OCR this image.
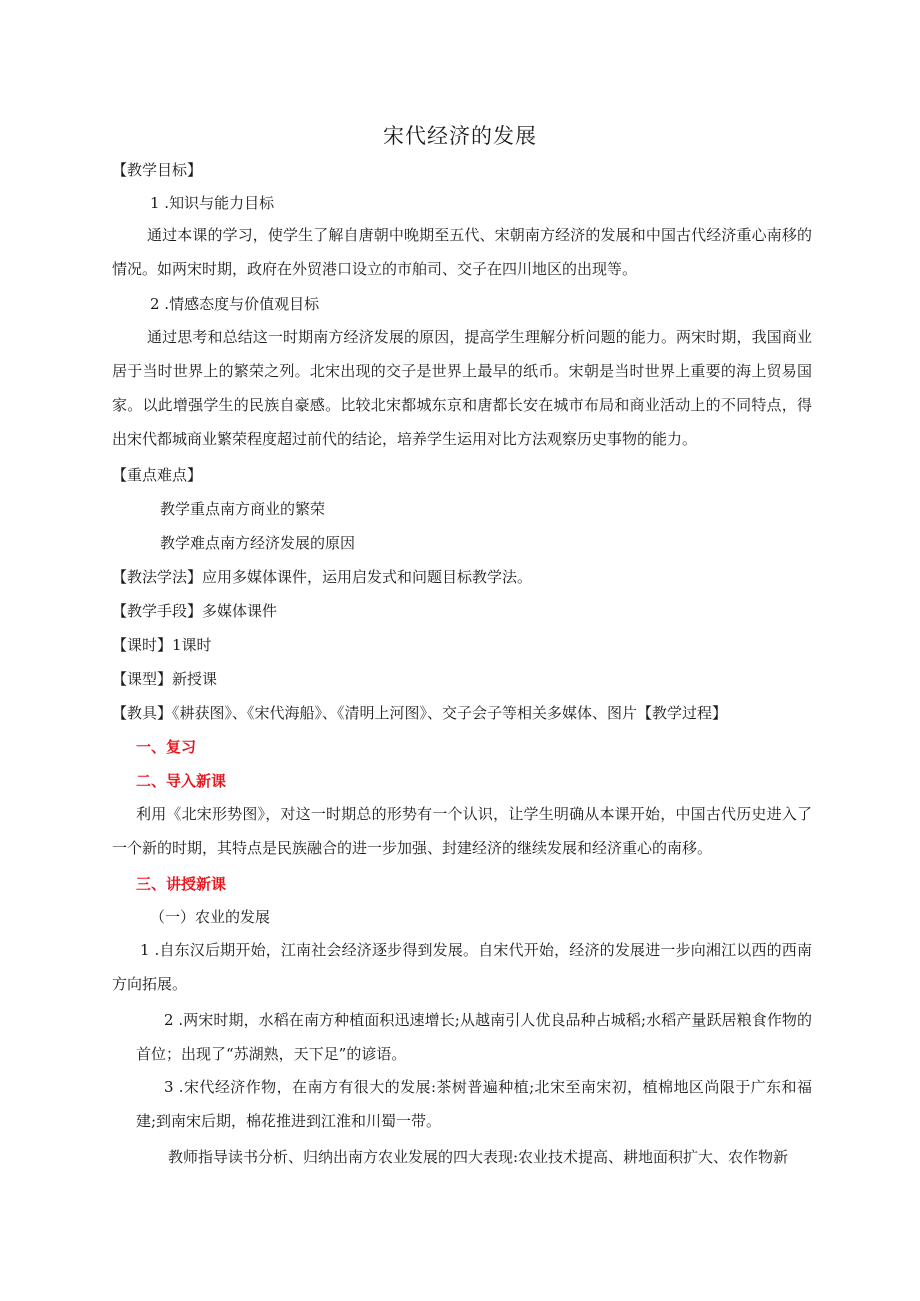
宋代经济的发展
【教学目标】
1 .知识与能力目标
通过本课的学习，使学生了解自唐朝中晚期至五代、宋朝南方经济的发展和中国古代经济重心南移的情况。如两宋时期，政府在外贸港口设立的市舶司、交子在四川地区的出现等。
2 .情感态度与价值观目标
通过思考和总结这一时期南方经济发展的原因，提高学生理解分析问题的能力。两宋时期，我国商业居于当时世界上的繁荣之列。北宋出现的交子是世界上最早的纸币。宋朝是当时世界上重要的海上贸易国家。以此增强学生的民族自豪感。比较北宋都城东京和唐都长安在城市布局和商业活动上的不同特点，得出宋代都城商业繁荣程度超过前代的结论，培养学生运用对比方法观察历史事物的能力。
【重点难点】
教学重点南方商业的繁荣
教学难点南方经济发展的原因
【教法学法】应用多媒体课件，运用启发式和问题目标教学法。
【教学手段】多媒体课件
【课时】1课时
【课型】新授课
【教具】《耕获图》、《宋代海船》、《清明上河图》、交子会子等相关多媒体、图片【教学过程】
一、复习
二、导入新课
利用《北宋形势图》，对这一时期总的形势有一个认识，让学生明确从本课开始，中国古代历史进入了一个新的时期，其特点是民族融合的进一步加强、封建经济的继续发展和经济重心的南移。
三、讲授新课
（一）农业的发展
1 .自东汉后期开始，江南社会经济逐步得到发展。自宋代开始，经济的发展进一步向湘江以西的西南方向拓展。
2 .两宋时期，水稻在南方种植面积迅速增长;从越南引人优良品种占城稻;水稻产量跃居粮食作物的首位；出现了“苏湖熟，天下足”的谚语。
3 .宋代经济作物，在南方有很大的发展:茶树普遍种植;北宋至南宋初，植棉地区尚限于广东和福建;到南宋后期，棉花推进到江淮和川蜀一带。
教师指导读书分析、归纳出南方农业发展的四大表现:农业技术提高、耕地面积扩大、农作物新
